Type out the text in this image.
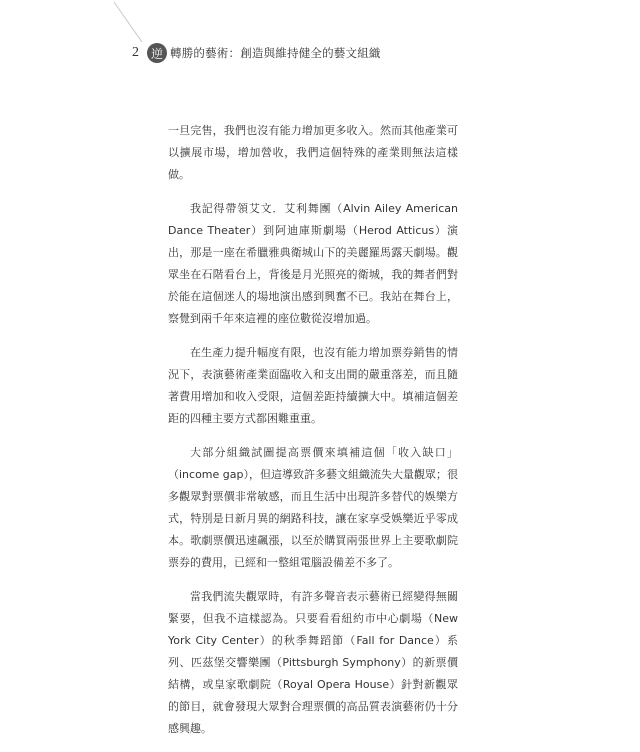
2 逆 轉勝的藝術：創造與維持健全的藝文組織

一旦完售，我們也沒有能力增加更多收入。然而其他產業可以擴展市場，增加營收，我們這個特殊的產業則無法這樣做。

我記得帶領艾文．艾利舞團（Alvin Ailey American Dance Theater）到阿迪庫斯劇場（Herod Atticus）演出，那是一座在希臘雅典衛城山下的美麗羅馬露天劇場。觀眾坐在石階看台上，背後是月光照亮的衛城，我的舞者們對於能在這個迷人的場地演出感到興奮不已。我站在舞台上，察覺到兩千年來這裡的座位數從沒增加過。

在生產力提升幅度有限，也沒有能力增加票券銷售的情況下，表演藝術產業面臨收入和支出間的嚴重落差，而且隨著費用增加和收入受限，這個差距持續擴大中。填補這個差距的四種主要方式都困難重重。

大部分組織試圖提高票價來填補這個「收入缺口」（income gap），但這導致許多藝文組織流失大量觀眾；很多觀眾對票價非常敏感，而且生活中出現許多替代的娛樂方式，特別是日新月異的網路科技，讓在家享受娛樂近乎零成本。歌劇票價迅速飆漲，以至於購買兩張世界上主要歌劇院票券的費用，已經和一整組電腦設備差不多了。

當我們流失觀眾時，有許多聲音表示藝術已經變得無關緊要，但我不這樣認為。只要看看紐約市中心劇場（New York City Center）的秋季舞蹈節（Fall for Dance）系列、匹茲堡交響樂團（Pittsburgh Symphony）的新票價結構，或皇家歌劇院（Royal Opera House）針對新觀眾的節目，就會發現大眾對合理票價的高品質表演藝術仍十分感興趣。
